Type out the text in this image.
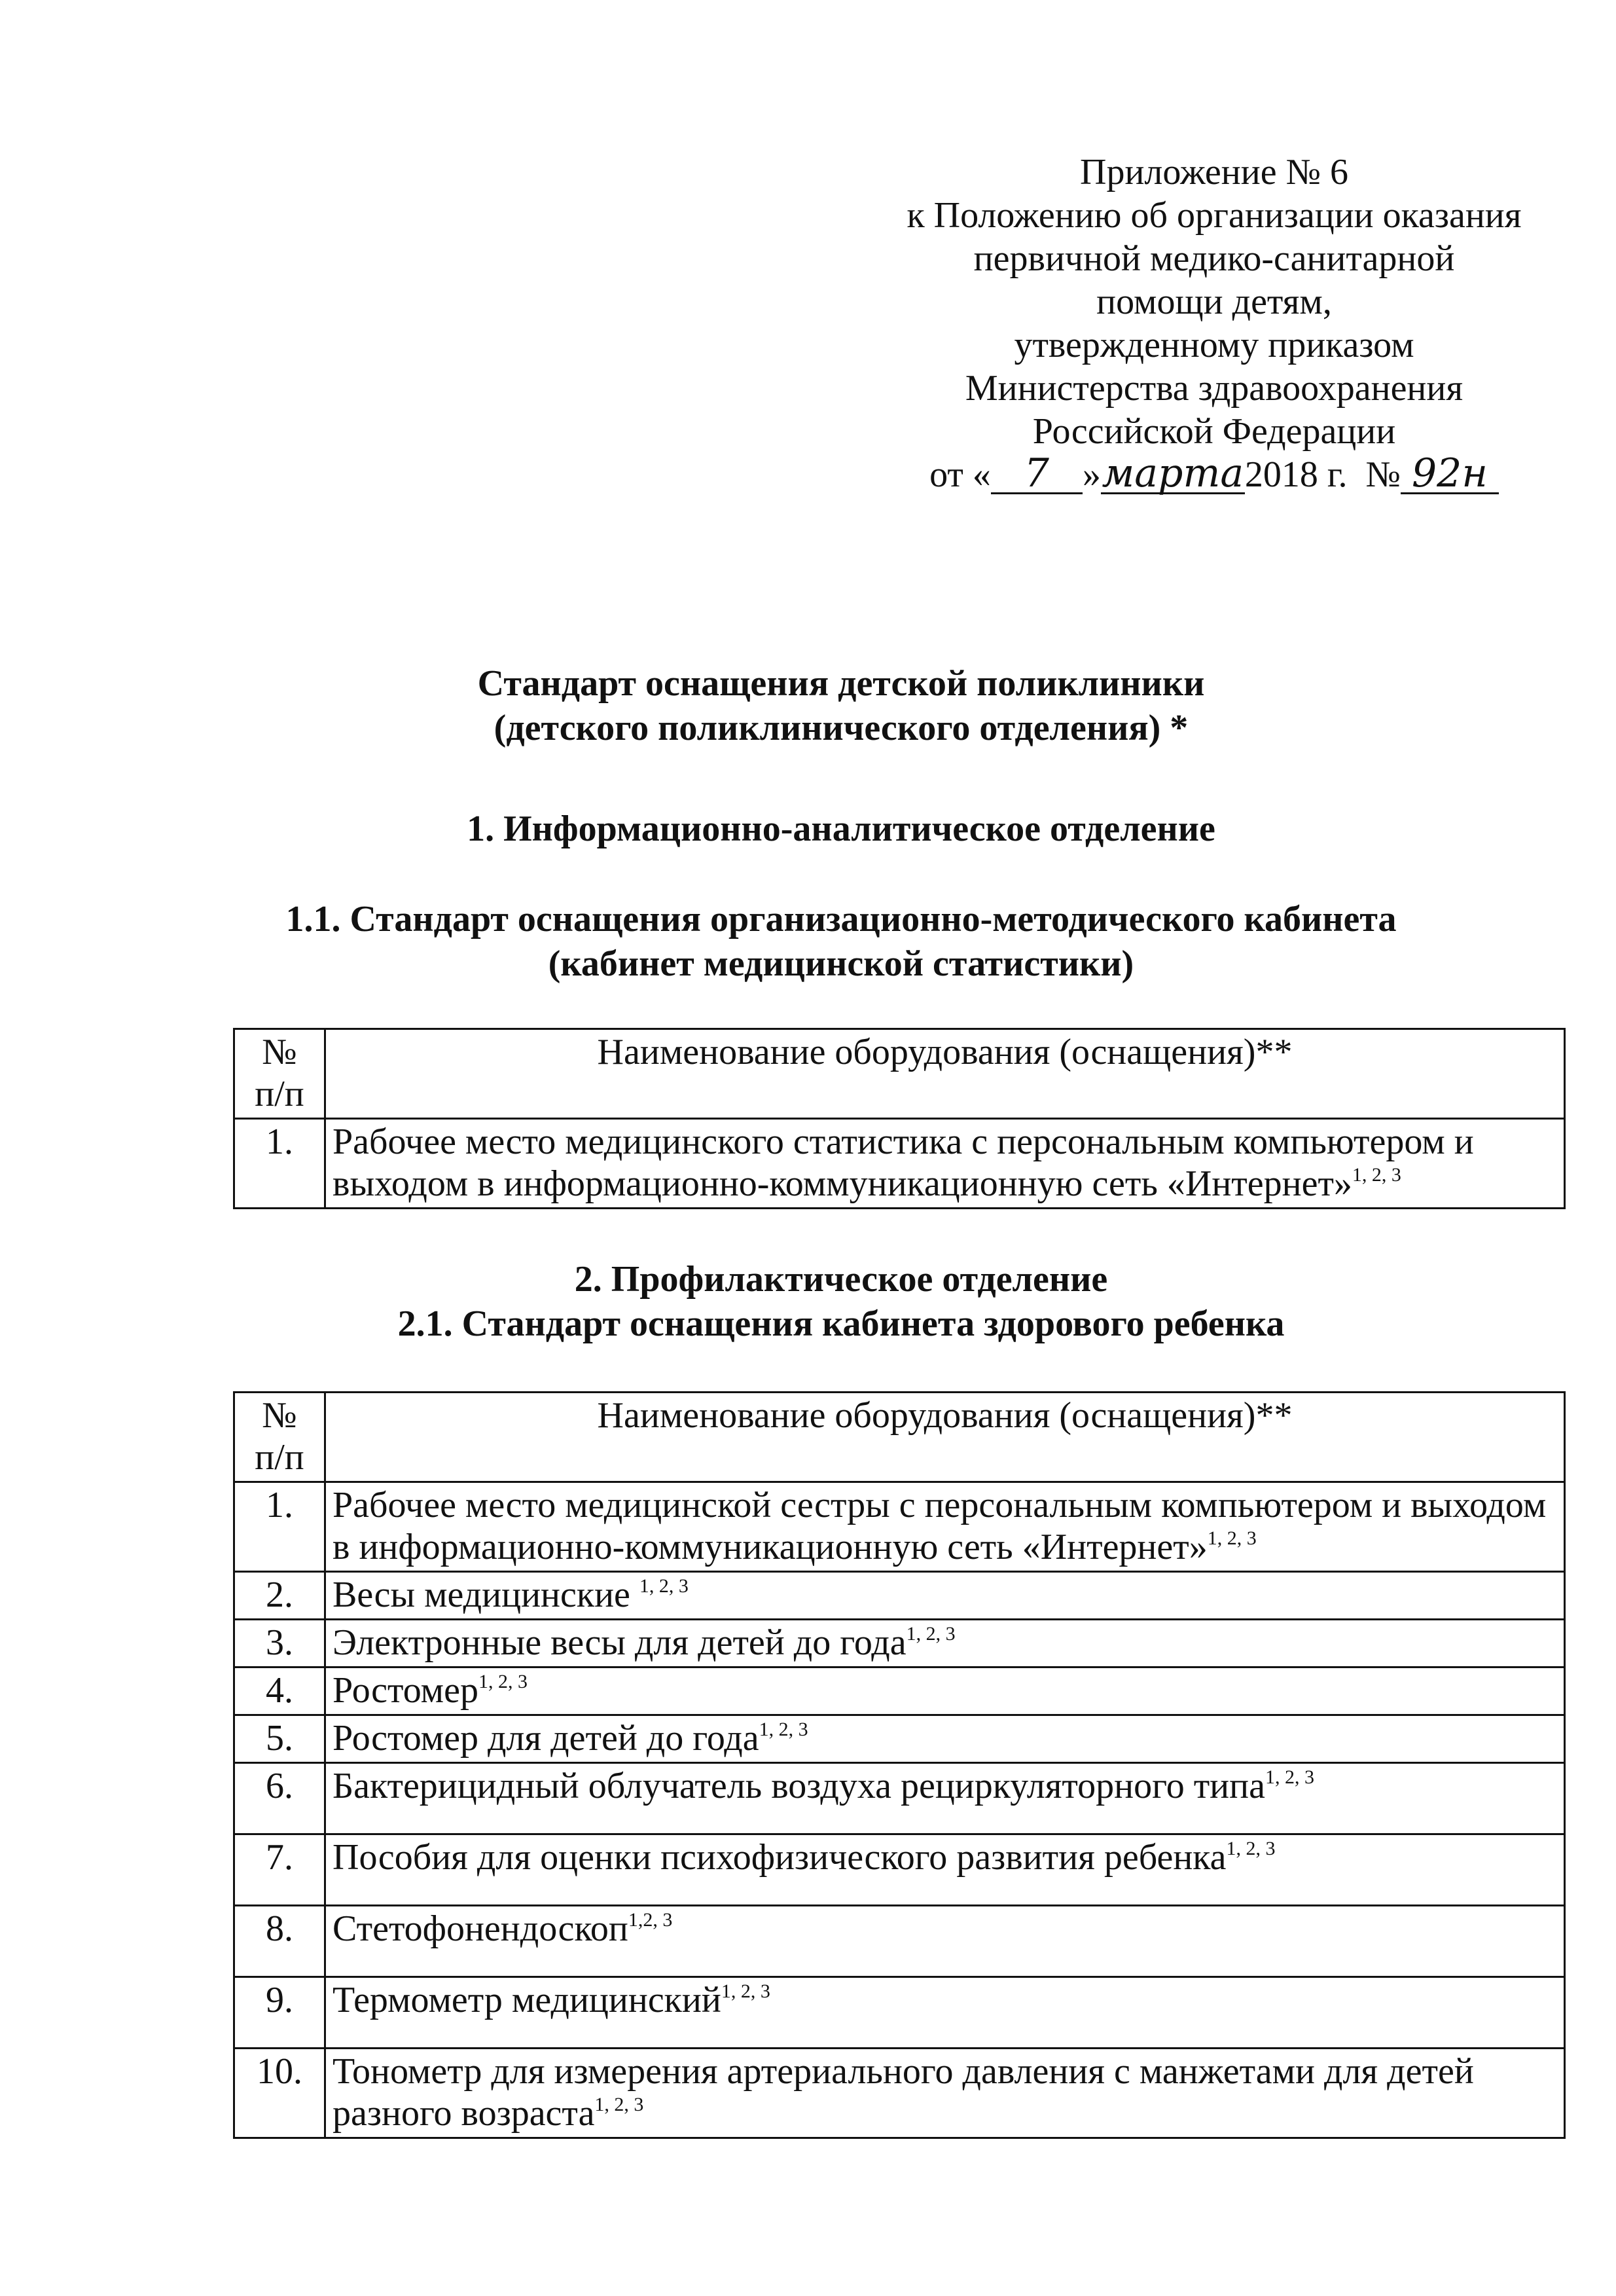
Приложение № 6
к Положению об организации оказания
первичной медико-санитарной
помощи детям,
утвержденному приказом
Министерства здравоохранения
Российской Федерации
от « 7 »марта2018 г. № 92н
Стандарт оснащения детской поликлиники
(детского поликлинического отделения) *
1. Информационно-аналитическое отделение
1.1. Стандарт оснащения организационно-методического кабинета
(кабинет медицинской статистики)
№
п/п	Наименование оборудования (оснащения)**
1.	Рабочее место медицинского статистика с персональным компьютером и выходом в информационно-коммуникационную сеть «Интернет»$^{1, 2, 3}$
2. Профилактическое отделение
2.1. Стандарт оснащения кабинета здорового ребенка
№
п/п	Наименование оборудования (оснащения)**
1.	Рабочее место медицинской сестры с персональным компьютером и выходом в информационно-коммуникационную сеть «Интернет»$^{1, 2, 3}$
2.	Весы медицинские $^{1, 2, 3}$
3.	Электронные весы для детей до года$^{1, 2, 3}$
4.	Ростомер$^{1, 2, 3}$
5.	Ростомер для детей до года$^{1, 2, 3}$
6.	Бактерицидный облучатель воздуха рециркуляторного типа$^{1, 2, 3}$
7.	Пособия для оценки психофизического развития ребенка$^{1, 2, 3}$
8.	Стетофонендоскоп$^{1,2, 3}$
9.	Термометр медицинский$^{1, 2, 3}$
10.	Тонометр для измерения артериального давления с манжетами для детей разного возраста$^{1, 2, 3}$
